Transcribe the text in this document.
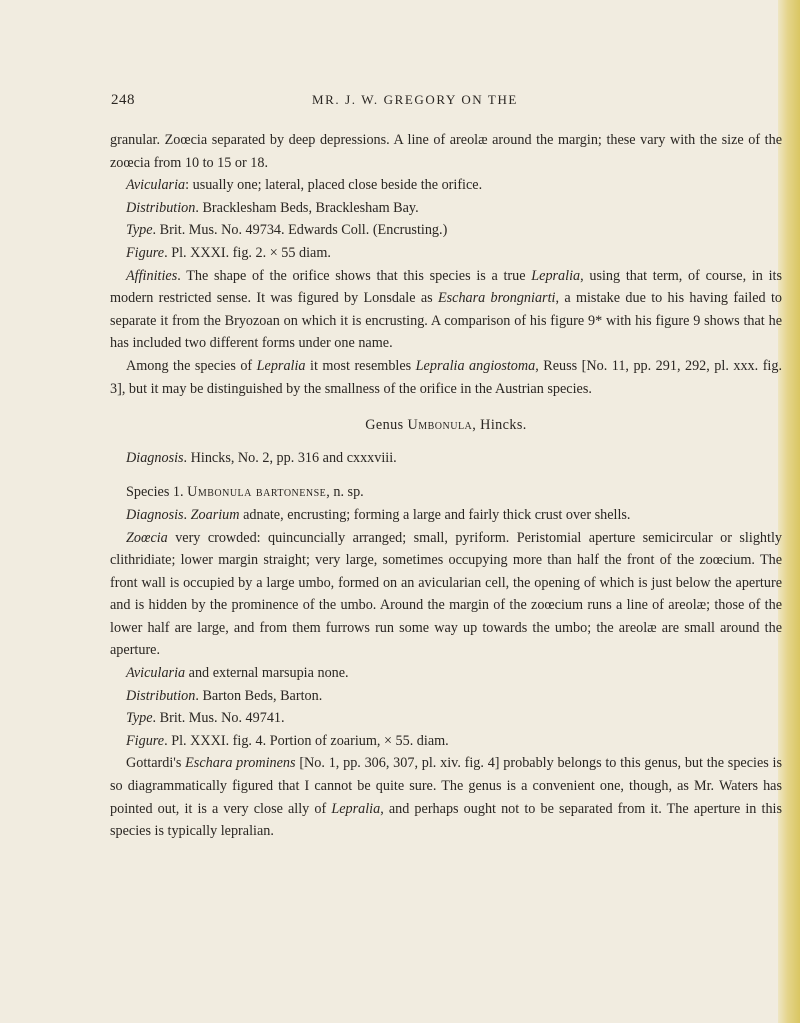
248	MR. J. W. GREGORY ON THE

granular. Zoœcia separated by deep depressions. A line of areolæ around the margin; these vary with the size of the zoœcia from 10 to 15 or 18.

Avicularia: usually one; lateral, placed close beside the orifice.

Distribution. Bracklesham Beds, Bracklesham Bay.

Type. Brit. Mus. No. 49734. Edwards Coll. (Encrusting.)

Figure. Pl. XXXI. fig. 2. × 55 diam.

Affinities. The shape of the orifice shows that this species is a true Lepralia, using that term, of course, in its modern restricted sense. It was figured by Lonsdale as Eschara brongniarti, a mistake due to his having failed to separate it from the Bryozoan on which it is encrusting. A comparison of his figure 9* with his figure 9 shows that he has included two different forms under one name.

Among the species of Lepralia it most resembles Lepralia angiostoma, Reuss [No. 11, pp. 291, 292, pl. xxx. fig. 3], but it may be distinguished by the smallness of the orifice in the Austrian species.

Genus Umbonula, Hincks.

Diagnosis. Hincks, No. 2, pp. 316 and cxxxviii.

Species 1. Umbonula bartonense, n. sp.

Diagnosis. Zoarium adnate, encrusting; forming a large and fairly thick crust over shells.

Zoœcia very crowded: quincuncially arranged; small, pyriform. Peristomial aperture semicircular or slightly clithridiate; lower margin straight; very large, sometimes occupying more than half the front of the zoœcium. The front wall is occupied by a large umbo, formed on an avicularian cell, the opening of which is just below the aperture and is hidden by the prominence of the umbo. Around the margin of the zoœcium runs a line of areolæ; those of the lower half are large, and from them furrows run some way up towards the umbo; the areolæ are small around the aperture.

Avicularia and external marsupia none.

Distribution. Barton Beds, Barton.

Type. Brit. Mus. No. 49741.

Figure. Pl. XXXI. fig. 4. Portion of zoarium, × 55. diam.

Gottardi's Eschara prominens [No. 1, pp. 306, 307, pl. xiv. fig. 4] probably belongs to this genus, but the species is so diagrammatically figured that I cannot be quite sure. The genus is a convenient one, though, as Mr. Waters has pointed out, it is a very close ally of Lepralia, and perhaps ought not to be separated from it. The aperture in this species is typically lepralian.
